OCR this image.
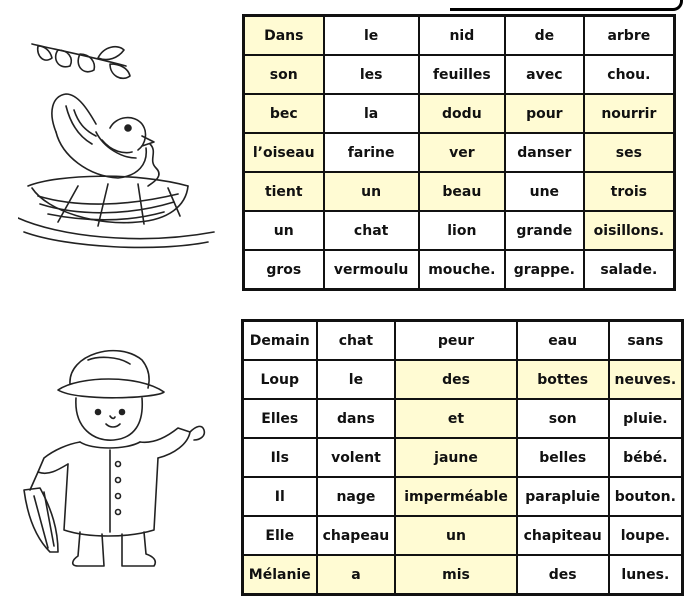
Dans	le	nid	de	arbre
son	les	feuilles	avec	chou.
bec	la	dodu	pour	nourrir
l’oiseau	farine	ver	danser	ses
tient	un	beau	une	trois
un	chat	lion	grande	oisillons.
gros	vermoulu	mouche.	grappe.	salade.
Demain	chat	peur	eau	sans
Loup	le	des	bottes	neuves.
Elles	dans	et	son	pluie.
Ils	volent	jaune	belles	bébé.
Il	nage	imperméable	parapluie	bouton.
Elle	chapeau	un	chapiteau	loupe.
Mélanie	a	mis	des	lunes.
